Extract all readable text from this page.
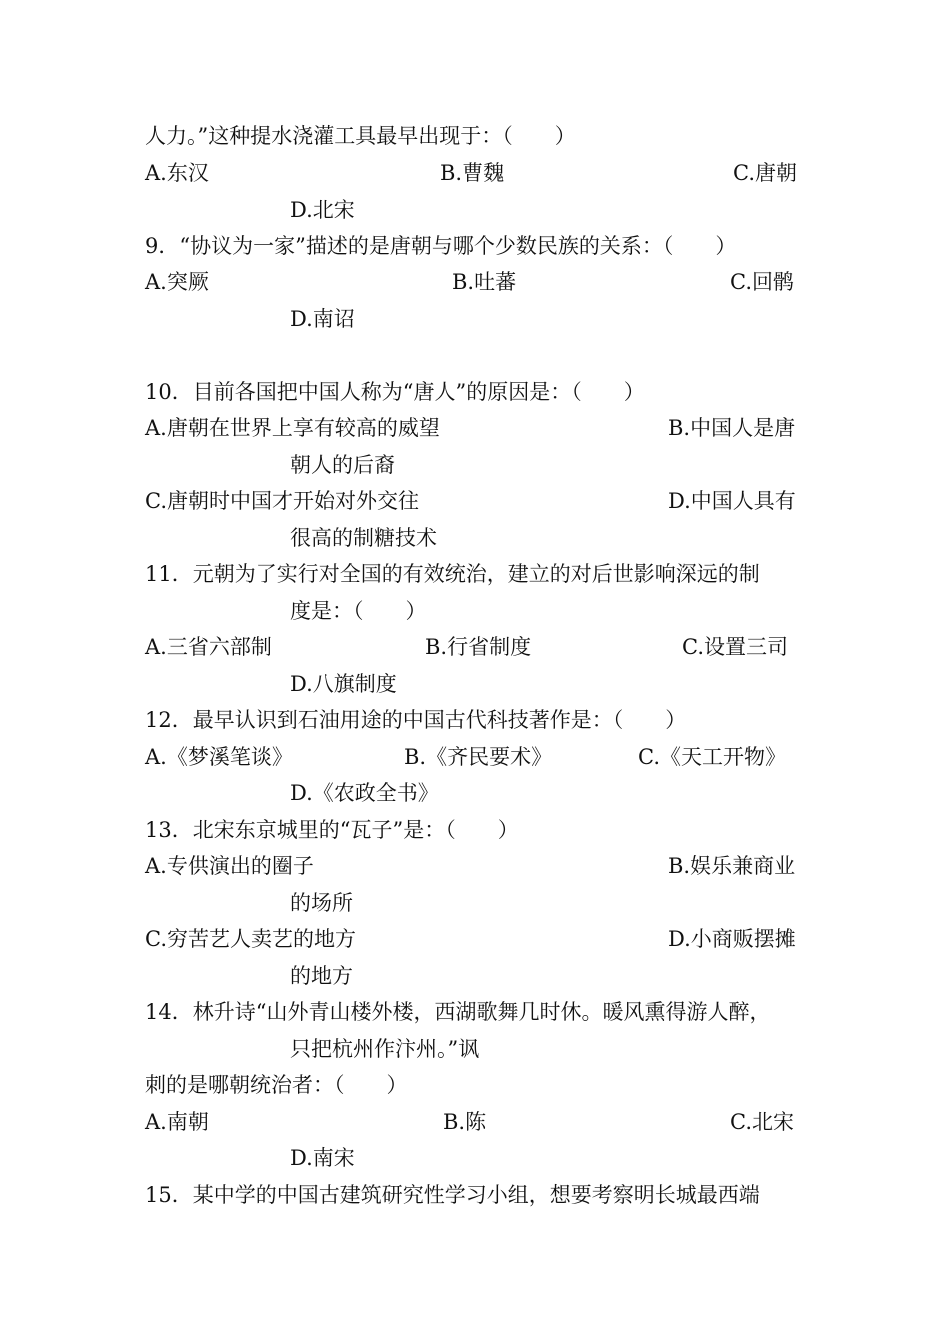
人力。”这种提水浇灌工具最早出现于：（　　）
A.东汉	B.曹魏	C.唐朝
D.北宋
9．“协议为一家”描述的是唐朝与哪个少数民族的关系：（　　）
A.突厥	B.吐蕃	C.回鹘
D.南诏
10．目前各国把中国人称为“唐人”的原因是：（　　）
A.唐朝在世界上享有较高的威望	B.中国人是唐
朝人的后裔
C.唐朝时中国才开始对外交往	D.中国人具有
很高的制糖技术
11．元朝为了实行对全国的有效统治，建立的对后世影响深远的制
度是：（　　）
A.三省六部制	B.行省制度	C.设置三司
D.八旗制度
12．最早认识到石油用途的中国古代科技著作是：（　　）
A.《梦溪笔谈》	B.《齐民要术》	C.《天工开物》
D.《农政全书》
13．北宋东京城里的“瓦子”是：（　　）
A.专供演出的圈子	B.娱乐兼商业
的场所
C.穷苦艺人卖艺的地方	D.小商贩摆摊
的地方
14．林升诗“山外青山楼外楼，西湖歌舞几时休。暖风熏得游人醉，
只把杭州作汴州。”讽
刺的是哪朝统治者：（　　）
A.南朝	B.陈	C.北宋
D.南宋
15．某中学的中国古建筑研究性学习小组，想要考察明长城最西端
